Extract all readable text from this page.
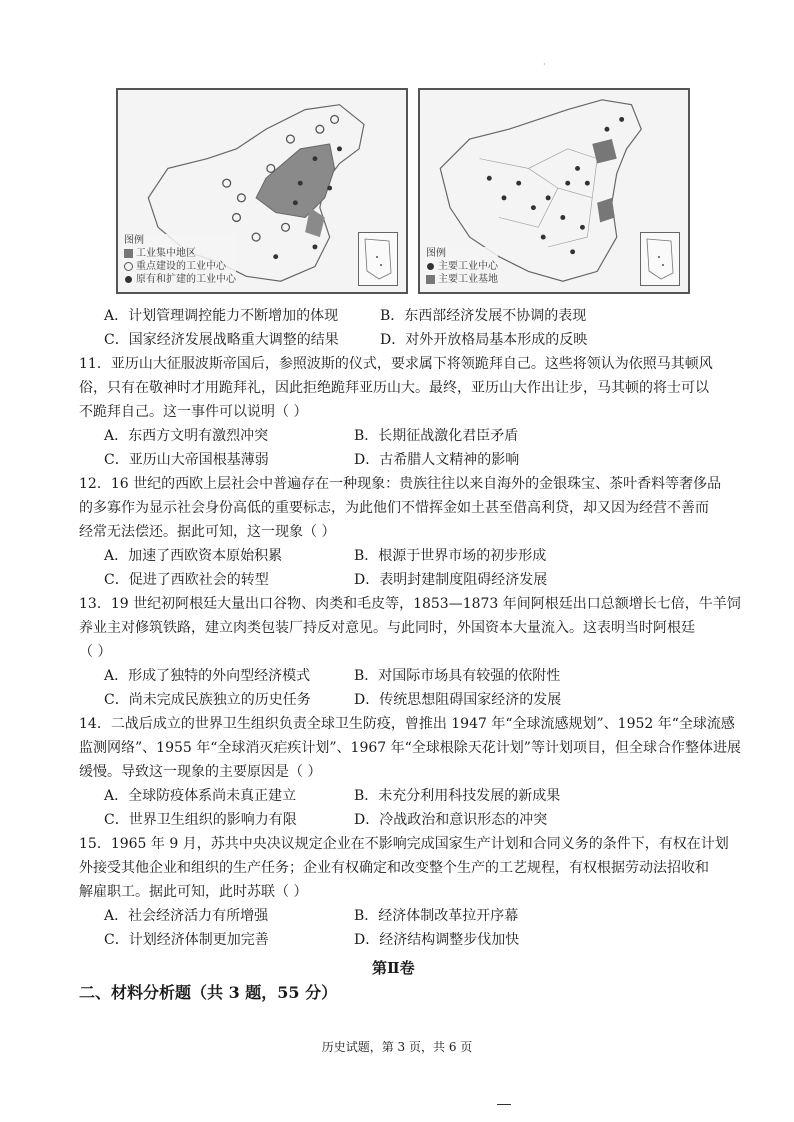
·
图例
工业集中地区
重点建设的工业中心
原有和扩建的工业中心
图例
主要工业中心
主要工业基地
A．计划管理调控能力不断增加的体现	B．东西部经济发展不协调的表现
C．国家经济发展战略重大调整的结果	D．对外开放格局基本形成的反映
11．亚历山大征服波斯帝国后，参照波斯的仪式，要求属下将领跪拜自己。这些将领认为依照马其顿风
俗，只有在敬神时才用跪拜礼，因此拒绝跪拜亚历山大。最终，亚历山大作出让步，马其顿的将士可以
不跪拜自己。这一事件可以说明（ ）
A．东西方文明有激烈冲突	B．长期征战激化君臣矛盾
C．亚历山大帝国根基薄弱	D．古希腊人文精神的影响
12．16 世纪的西欧上层社会中普遍存在一种现象：贵族往往以来自海外的金银珠宝、茶叶香料等奢侈品
的多寡作为显示社会身份高低的重要标志，为此他们不惜挥金如土甚至借高利贷，却又因为经营不善而
经常无法偿还。据此可知，这一现象（ ）
A．加速了西欧资本原始积累	B．根源于世界市场的初步形成
C．促进了西欧社会的转型	D．表明封建制度阻碍经济发展
13．19 世纪初阿根廷大量出口谷物、肉类和毛皮等，1853—1873 年间阿根廷出口总额增长七倍，牛羊饲
养业主对修筑铁路，建立肉类包装厂持反对意见。与此同时，外国资本大量流入。这表明当时阿根廷
（ ）
A．形成了独特的外向型经济模式	B．对国际市场具有较强的依附性
C．尚未完成民族独立的历史任务	D．传统思想阻碍国家经济的发展
14．二战后成立的世界卫生组织负责全球卫生防疫，曾推出 1947 年“全球流感规划”、1952 年“全球流感
监测网络”、1955 年“全球消灭疟疾计划”、1967 年“全球根除天花计划”等计划项目，但全球合作整体进展
缓慢。导致这一现象的主要原因是（ ）
A．全球防疫体系尚未真正建立	B．未充分利用科技发展的新成果
C．世界卫生组织的影响力有限	D．冷战政治和意识形态的冲突
15．1965 年 9 月，苏共中央决议规定企业在不影响完成国家生产计划和合同义务的条件下，有权在计划
外接受其他企业和组织的生产任务；企业有权确定和改变整个生产的工艺规程，有权根据劳动法招收和
解雇职工。据此可知，此时苏联（ ）
A．社会经济活力有所增强	B．经济体制改革拉开序幕
C．计划经济体制更加完善	D．经济结构调整步伐加快
第Ⅱ卷
二、材料分析题（共 3 题，55 分）
历史试题，第 3 页，共 6 页
